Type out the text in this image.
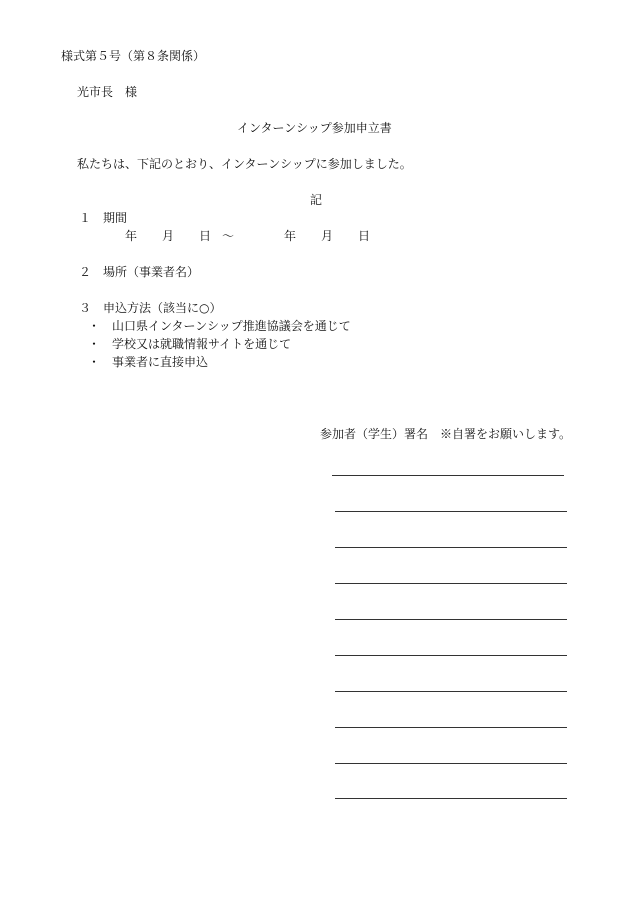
様式第５号（第８条関係）
光市長　様
インターンシップ参加申立書
私たちは、下記のとおり、インターンシップに参加しました。
記
１　期間
年 月 日 ～	年 月 日
２　場所（事業者名）
３　申込方法（該当に○）
・ 山口県インターンシップ推進協議会を通じて
・ 学校又は就職情報サイトを通じて
・ 事業者に直接申込
参加者（学生）署名　※自署をお願いします。
